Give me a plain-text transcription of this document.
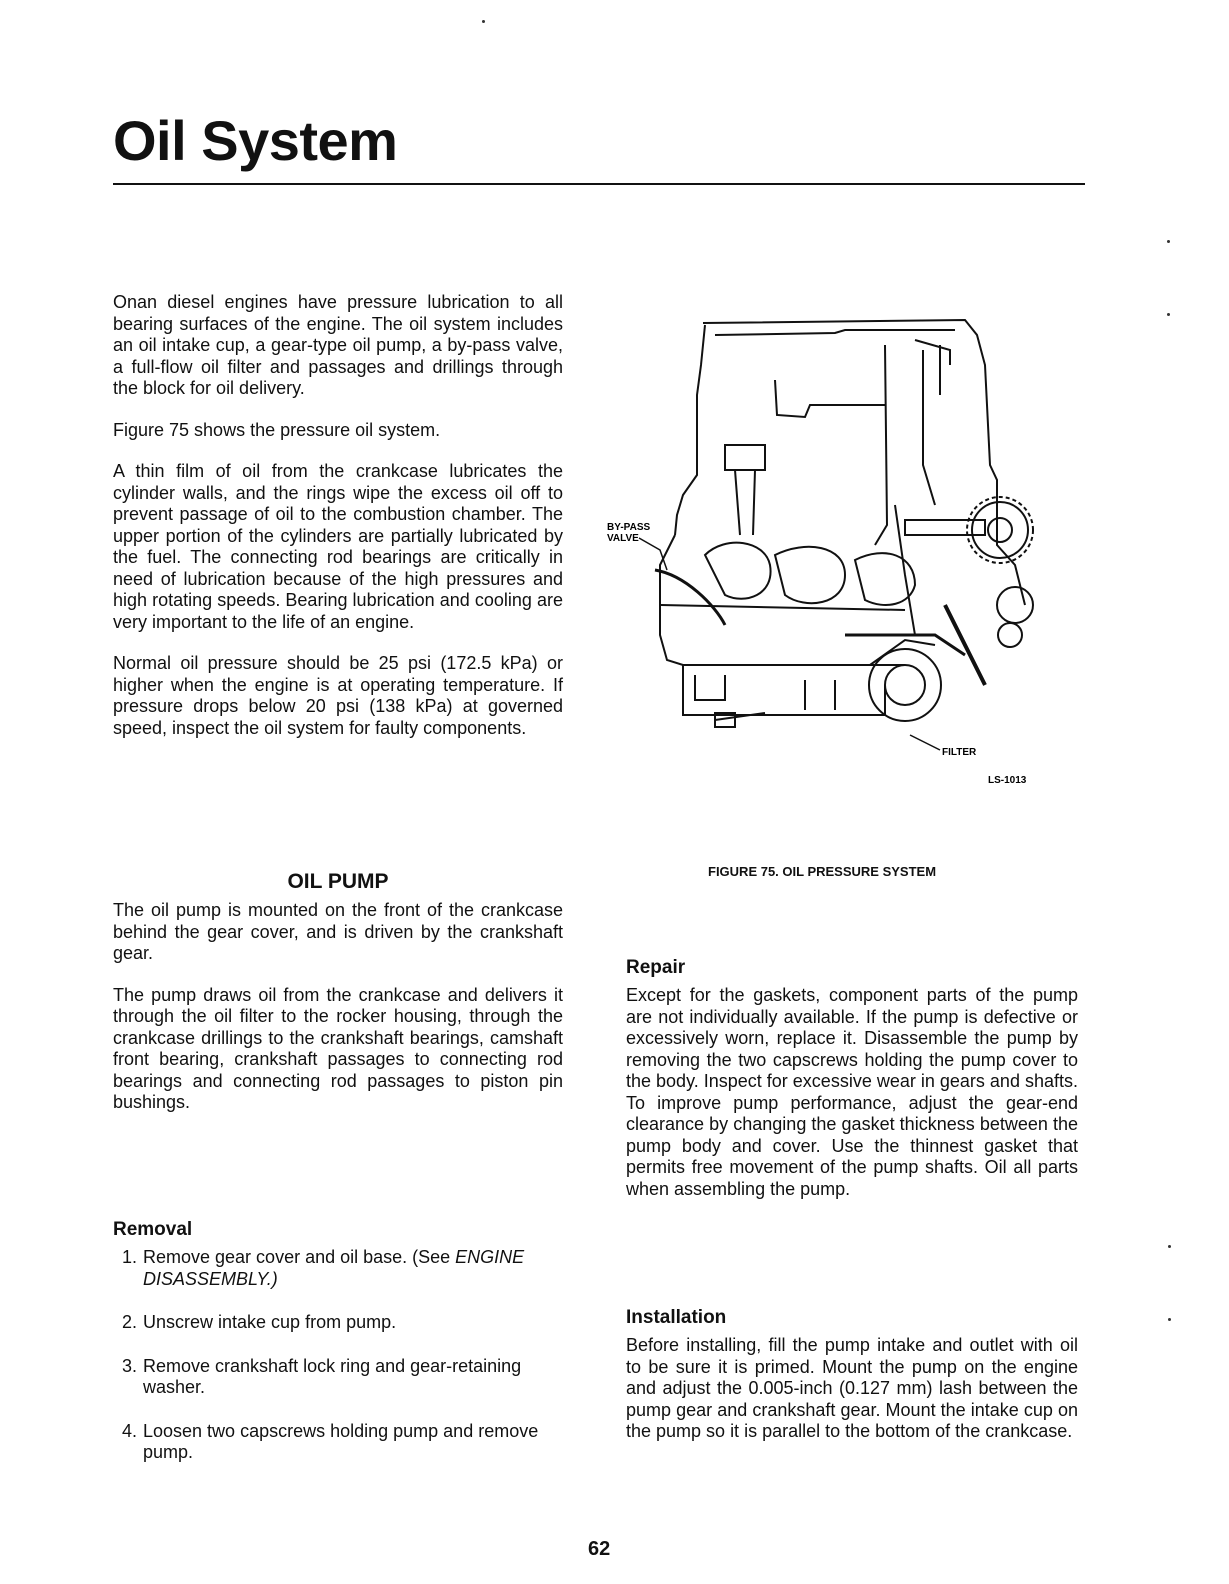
Oil System

Onan diesel engines have pressure lubrication to all bearing surfaces of the engine. The oil system includes an oil intake cup, a gear-type oil pump, a by-pass valve, a full-flow oil filter and passages and drillings through the block for oil delivery.

Figure 75 shows the pressure oil system.

A thin film of oil from the crankcase lubricates the cylinder walls, and the rings wipe the excess oil off to prevent passage of oil to the combustion chamber. The upper portion of the cylinders are partially lubricated by the fuel. The connecting rod bearings are critically in need of lubrication because of the high pressures and high rotating speeds. Bearing lubrication and cooling are very important to the life of an engine.

Normal oil pressure should be 25 psi (172.5 kPa) or higher when the engine is at operating temperature. If pressure drops below 20 psi (138 kPa) at governed speed, inspect the oil system for faulty components.

BY-PASS
VALVE
FILTER
LS-1013
FIGURE 75. OIL PRESSURE SYSTEM
OIL PUMP

The oil pump is mounted on the front of the crankcase behind the gear cover, and is driven by the crankshaft gear.

The pump draws oil from the crankcase and delivers it through the oil filter to the rocker housing, through the crankcase drillings to the crankshaft bearings, camshaft front bearing, crankshaft passages to connecting rod bearings and connecting rod passages to piston pin bushings.

Removal
1. Remove gear cover and oil base. (See ENGINE DISASSEMBLY.)
2. Unscrew intake cup from pump.
3. Remove crankshaft lock ring and gear-retaining washer.
4. Loosen two capscrews holding pump and remove pump.
Repair

Except for the gaskets, component parts of the pump are not individually available. If the pump is defective or excessively worn, replace it. Disassemble the pump by removing the two capscrews holding the pump cover to the body. Inspect for excessive wear in gears and shafts. To improve pump performance, adjust the gear-end clearance by changing the gasket thickness between the pump body and cover. Use the thinnest gasket that permits free movement of the pump shafts. Oil all parts when assembling the pump.

Installation

Before installing, fill the pump intake and outlet with oil to be sure it is primed. Mount the pump on the engine and adjust the 0.005-inch (0.127 mm) lash between the pump gear and crankshaft gear. Mount the intake cup on the pump so it is parallel to the bottom of the crankcase.

62
